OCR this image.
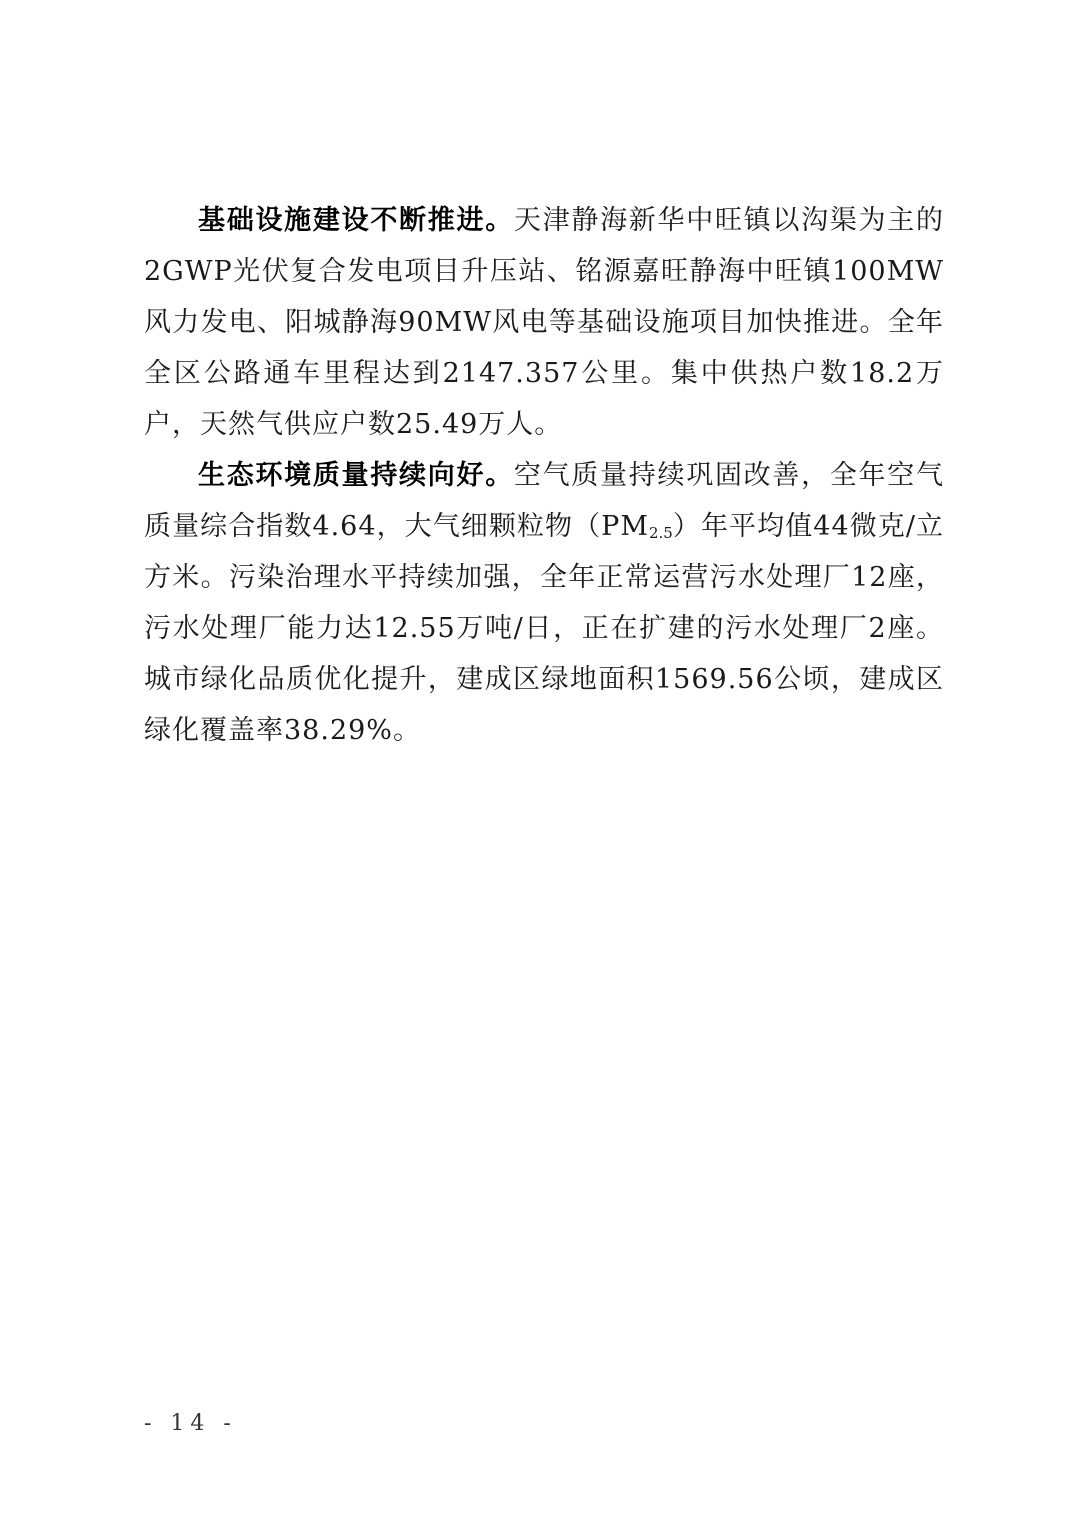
基础设施建设不断推进。天津静海新华中旺镇以沟渠为主的2GWP光伏复合发电项目升压站、铭源嘉旺静海中旺镇100MW风力发电、阳城静海90MW风电等基础设施项目加快推进。全年全区公路通车里程达到2147.357公里。集中供热户数18.2万户，天然气供应户数25.49万人。

生态环境质量持续向好。空气质量持续巩固改善，全年空气质量综合指数4.64，大气细颗粒物$(PM_{2.5})$年平均值44微克/立方米。污染治理水平持续加强，全年正常运营污水处理厂12座，污水处理厂能力达12.55万吨/日，正在扩建的污水处理厂2座。城市绿化品质优化提升，建成区绿地面积1569.56公顷，建成区绿化覆盖率38.29%。

- 14 -
